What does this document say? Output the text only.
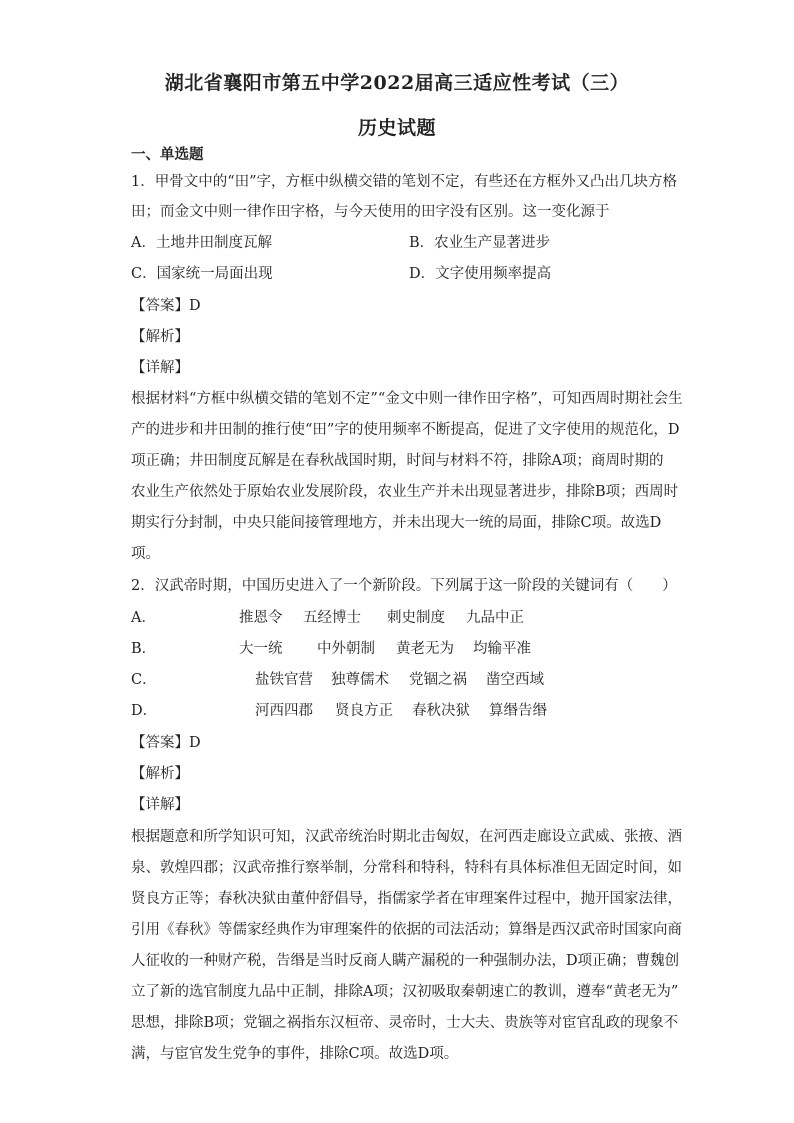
湖北省襄阳市第五中学2022届高三适应性考试（三）
历史试题
一、单选题
1．甲骨文中的“田”字，方框中纵横交错的笔划不定，有些还在方框外又凸出几块方格
田；而金文中则一律作田字格，与今天使用的田字没有区别。这一变化源于
A．土地井田制度瓦解	B．农业生产显著进步
C．国家统一局面出现	D．文字使用频率提高
【答案】D
【解析】
【详解】
根据材料“方框中纵横交错的笔划不定”“金文中则一律作田字格”，可知西周时期社会生
产的进步和井田制的推行使“田”字的使用频率不断提高，促进了文字使用的规范化，D
项正确；井田制度瓦解是在春秋战国时期，时间与材料不符，排除A项；商周时期的
农业生产依然处于原始农业发展阶段，农业生产并未出现显著进步，排除B项；西周时
期实行分封制，中央只能间接管理地方，并未出现大一统的局面，排除C项。故选D
项。
2．汉武帝时期，中国历史进入了一个新阶段。下列属于这一阶段的关键词有（　　）
A．	推恩令 五经博士 刺史制度 九品中正
B．	大一统 中外朝制 黄老无为 均输平准
C．	盐铁官营 独尊儒术 党锢之祸 凿空西域
D．	河西四郡 贤良方正 春秋决狱 算缗告缗
【答案】D
【解析】
【详解】
根据题意和所学知识可知，汉武帝统治时期北击匈奴，在河西走廊设立武威、张掖、酒
泉、敦煌四郡；汉武帝推行察举制，分常科和特科，特科有具体标准但无固定时间，如
贤良方正等；春秋决狱由董仲舒倡导，指儒家学者在审理案件过程中，抛开国家法律，
引用《春秋》等儒家经典作为审理案件的依据的司法活动；算缗是西汉武帝时国家向商
人征收的一种财产税，告缗是当时反商人瞒产漏税的一种强制办法，D项正确；曹魏创
立了新的选官制度九品中正制，排除A项；汉初吸取秦朝速亡的教训，遵奉“黄老无为”
思想，排除B项；党锢之祸指东汉桓帝、灵帝时，士大夫、贵族等对宦官乱政的现象不
满，与宦官发生党争的事件，排除C项。故选D项。
